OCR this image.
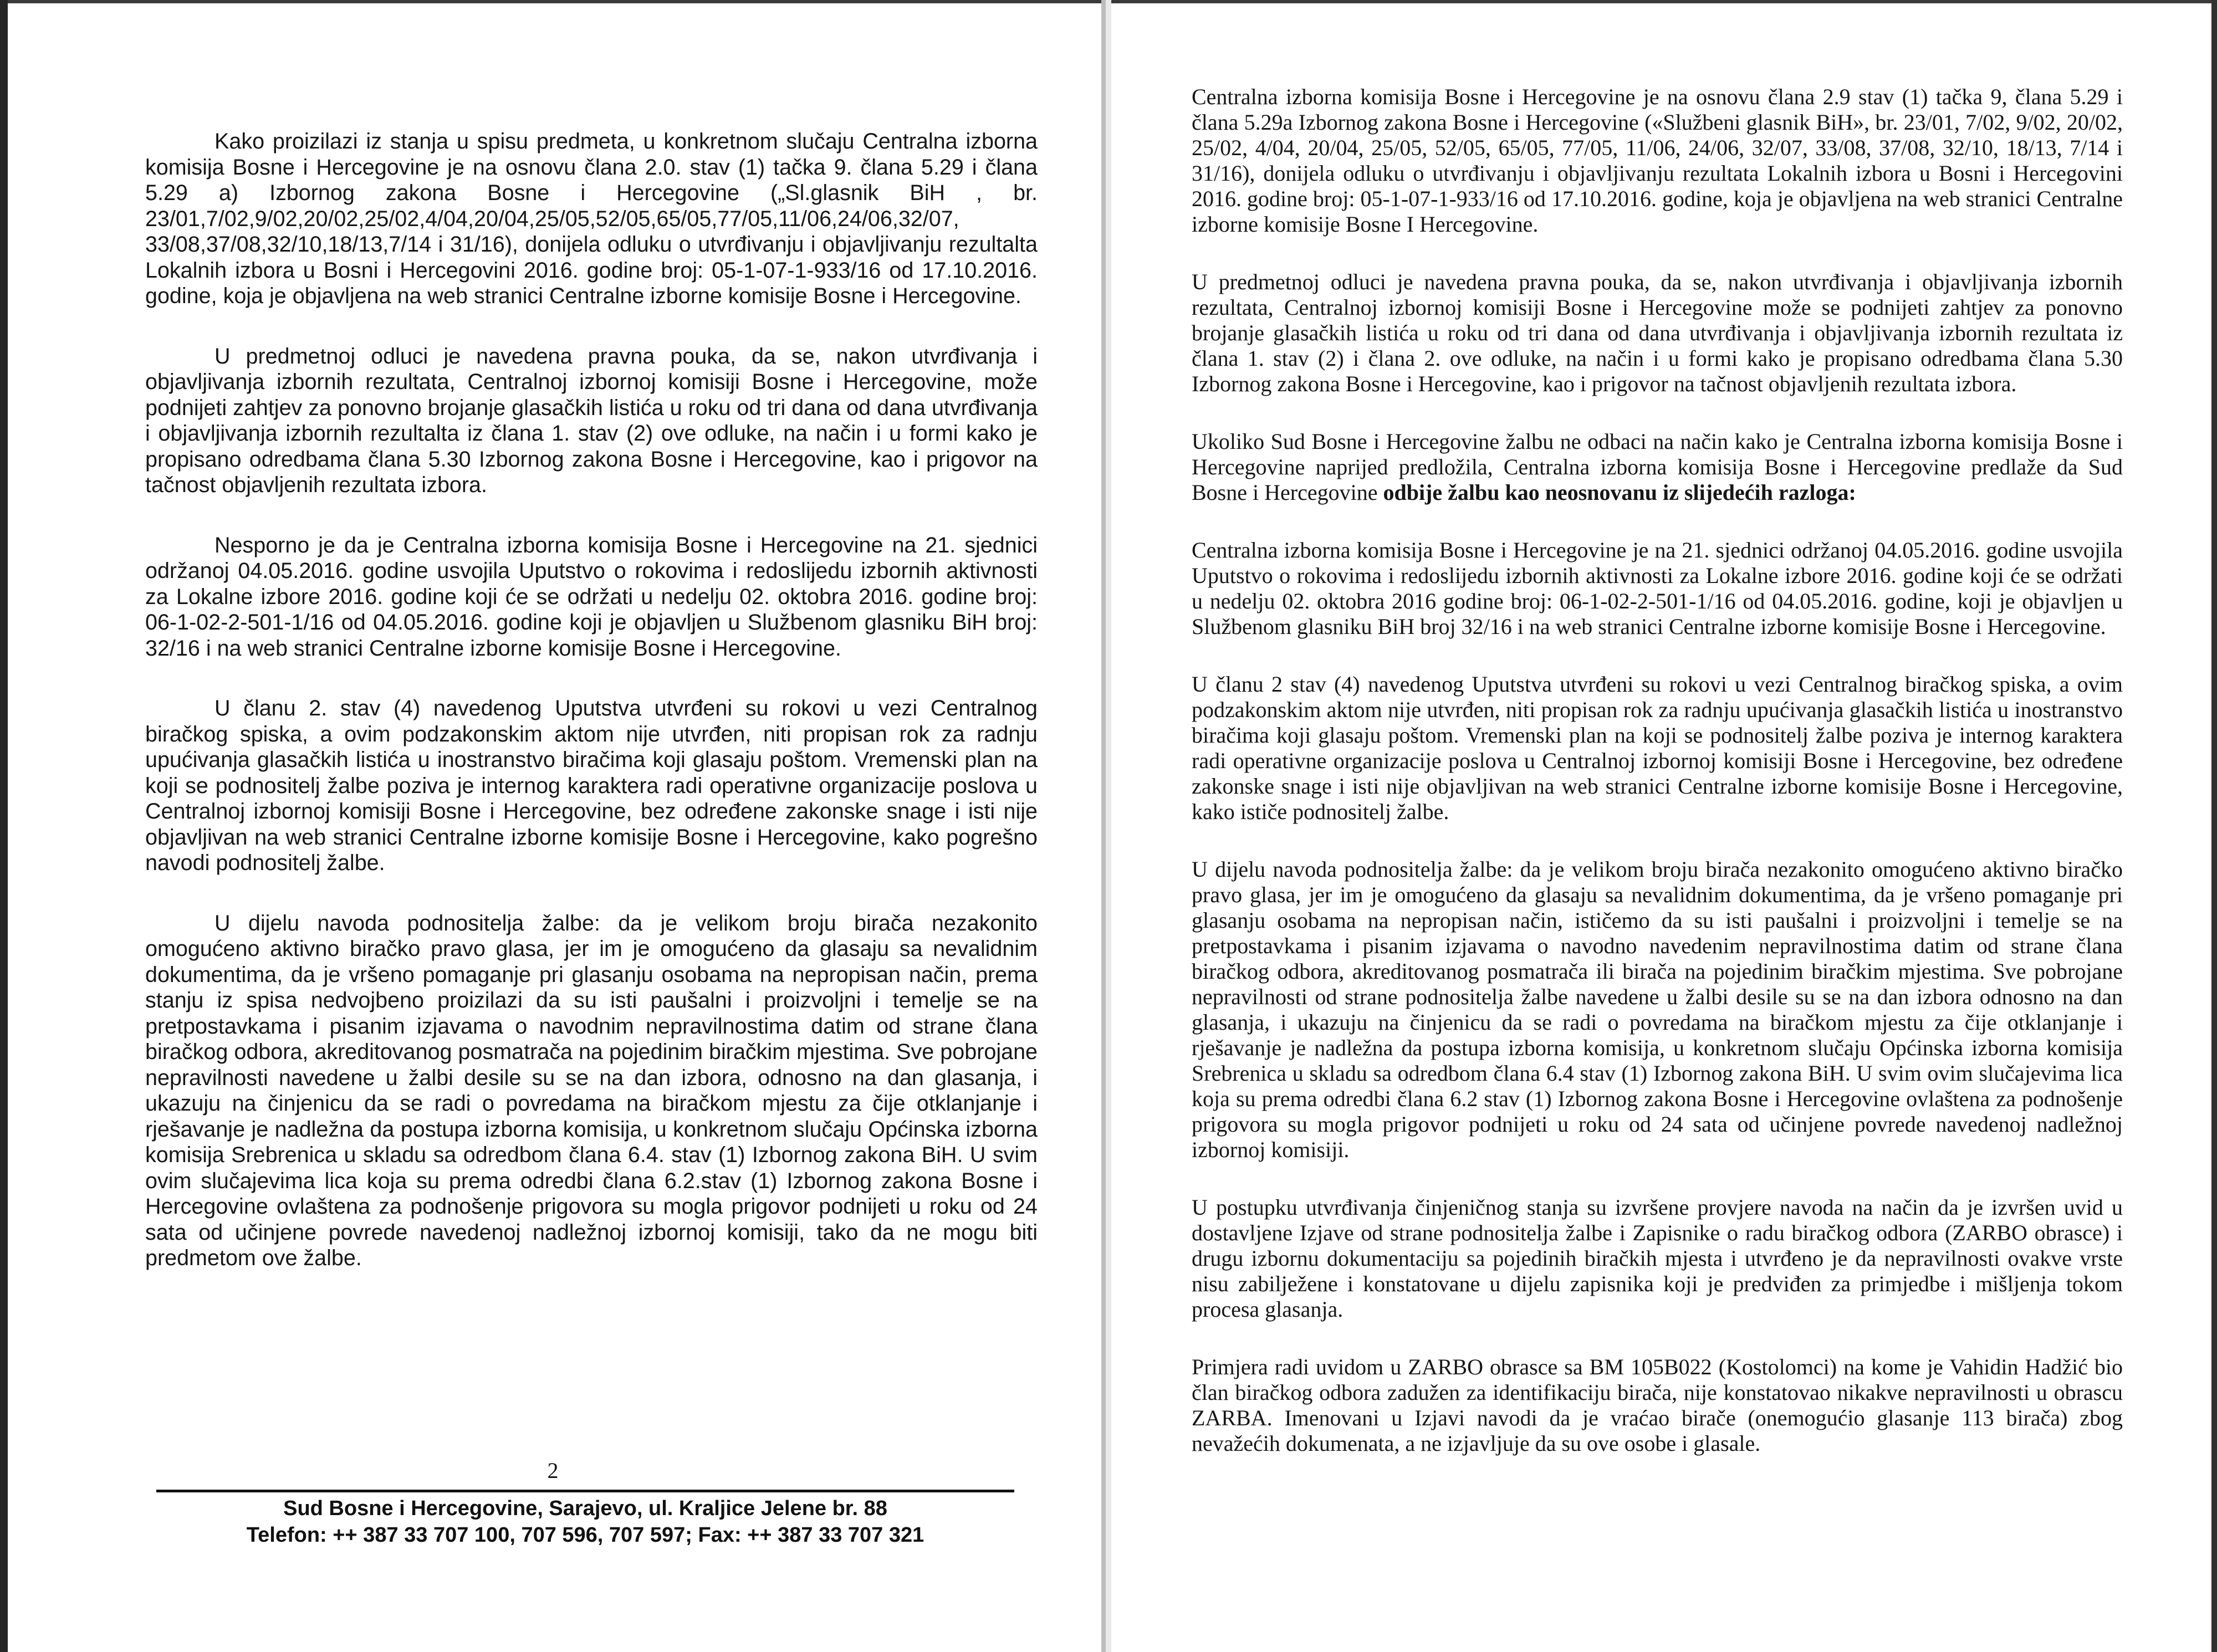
Kako proizilazi iz stanja u spisu predmeta, u konkretnom slučaju Centralna izborna komisija Bosne i Hercegovine je na osnovu člana 2.0. stav (1) tačka 9. člana 5.29 i člana 5.29 a) Izbornog zakona Bosne i Hercegovine („Sl.glasnik BiH , br. 23/01,7/02,9/02,20/02,25/02,4/04,20/04,25/05,52/05,65/05,77/05,11/06,24/06,32/07, 33/08,37/08,32/10,18/13,7/14 i 31/16), donijela odluku o utvrđivanju i objavljivanju rezultalta Lokalnih izbora u Bosni i Hercegovini 2016. godine broj: 05-1-07-1-933/16 od 17.10.2016. godine, koja je objavljena na web stranici Centralne izborne komisije Bosne i Hercegovine.

U predmetnoj odluci je navedena pravna pouka, da se, nakon utvrđivanja i objavljivanja izbornih rezultata, Centralnoj izbornoj komisiji Bosne i Hercegovine, može podnijeti zahtjev za ponovno brojanje glasačkih listića u roku od tri dana od dana utvrđivanja i objavljivanja izbornih rezultalta iz člana 1. stav (2) ove odluke, na način i u formi kako je propisano odredbama člana 5.30 Izbornog zakona Bosne i Hercegovine, kao i prigovor na tačnost objavljenih rezultata izbora.

Nesporno je da je Centralna izborna komisija Bosne i Hercegovine na 21. sjednici održanoj 04.05.2016. godine usvojila Uputstvo o rokovima i redoslijedu izbornih aktivnosti za Lokalne izbore 2016. godine koji će se održati u nedelju 02. oktobra 2016. godine broj: 06-1-02-2-501-1/16 od 04.05.2016. godine koji je objavljen u Službenom glasniku BiH broj: 32/16 i na web stranici Centralne izborne komisije Bosne i Hercegovine.

U članu 2. stav (4) navedenog Uputstva utvrđeni su rokovi u vezi Centralnog biračkog spiska, a ovim podzakonskim aktom nije utvrđen, niti propisan rok za radnju upućivanja glasačkih listića u inostranstvo biračima koji glasaju poštom. Vremenski plan na koji se podnositelj žalbe poziva je internog karaktera radi operativne organizacije poslova u Centralnoj izbornoj komisiji Bosne i Hercegovine, bez određene zakonske snage i isti nije objavljivan na web stranici Centralne izborne komisije Bosne i Hercegovine, kako pogrešno navodi podnositelj žalbe.

U dijelu navoda podnositelja žalbe: da je velikom broju birača nezakonito omogućeno aktivno biračko pravo glasa, jer im je omogućeno da glasaju sa nevalidnim dokumentima, da je vršeno pomaganje pri glasanju osobama na nepropisan način, prema stanju iz spisa nedvojbeno proizilazi da su isti paušalni i proizvoljni i temelje se na pretpostavkama i pisanim izjavama o navodnim nepravilnostima datim od strane člana biračkog odbora, akreditovanog posmatrača na pojedinim biračkim mjestima. Sve pobrojane nepravilnosti navedene u žalbi desile su se na dan izbora, odnosno na dan glasanja, i ukazuju na činjenicu da se radi o povredama na biračkom mjestu za čije otklanjanje i rješavanje je nadležna da postupa izborna komisija, u konkretnom slučaju Općinska izborna komisija Srebrenica u skladu sa odredbom člana 6.4. stav (1) Izbornog zakona BiH. U svim ovim slučajevima lica koja su prema odredbi člana 6.2.stav (1) Izbornog zakona Bosne i Hercegovine ovlaštena za podnošenje prigovora su mogla prigovor podnijeti u roku od 24 sata od učinjene povrede navedenoj nadležnoj izbornoj komisiji, tako da ne mogu biti predmetom ove žalbe.

2
Sud Bosne i Hercegovine, Sarajevo, ul. Kraljice Jelene br. 88
Telefon: ++ 387 33 707 100, 707 596, 707 597; Fax: ++ 387 33 707 321

Centralna izborna komisija Bosne i Hercegovine je na osnovu člana 2.9 stav (1) tačka 9, člana 5.29 i člana 5.29a Izbornog zakona Bosne i Hercegovine («Službeni glasnik BiH», br. 23/01, 7/02, 9/02, 20/02, 25/02, 4/04, 20/04, 25/05, 52/05, 65/05, 77/05, 11/06, 24/06, 32/07, 33/08, 37/08, 32/10, 18/13, 7/14 i 31/16), donijela odluku o utvrđivanju i objavljivanju rezultata Lokalnih izbora u Bosni i Hercegovini 2016. godine broj: 05-1-07-1-933/16 od 17.10.2016. godine, koja je objavljena na web stranici Centralne izborne komisije Bosne I Hercegovine.

U predmetnoj odluci je navedena pravna pouka, da se, nakon utvrđivanja i objavljivanja izbornih rezultata, Centralnoj izbornoj komisiji Bosne i Hercegovine može se podnijeti zahtjev za ponovno brojanje glasačkih listića u roku od tri dana od dana utvrđivanja i objavljivanja izbornih rezultata iz člana 1. stav (2) i člana 2. ove odluke, na način i u formi kako je propisano odredbama člana 5.30 Izbornog zakona Bosne i Hercegovine, kao i prigovor na tačnost objavljenih rezultata izbora.

Ukoliko Sud Bosne i Hercegovine žalbu ne odbaci na način kako je Centralna izborna komisija Bosne i Hercegovine naprijed predložila, Centralna izborna komisija Bosne i Hercegovine predlaže da Sud Bosne i Hercegovine odbije žalbu kao neosnovanu iz slijedećih razloga:

Centralna izborna komisija Bosne i Hercegovine je na 21. sjednici održanoj 04.05.2016. godine usvojila Uputstvo o rokovima i redoslijedu izbornih aktivnosti za Lokalne izbore 2016. godine koji će se održati u nedelju 02. oktobra 2016 godine broj: 06-1-02-2-501-1/16 od 04.05.2016. godine, koji je objavljen u Službenom glasniku BiH broj 32/16 i na web stranici Centralne izborne komisije Bosne i Hercegovine.

U članu 2 stav (4) navedenog Uputstva utvrđeni su rokovi u vezi Centralnog biračkog spiska, a ovim podzakonskim aktom nije utvrđen, niti propisan rok za radnju upućivanja glasačkih listića u inostranstvo biračima koji glasaju poštom. Vremenski plan na koji se podnositelj žalbe poziva je internog karaktera radi operativne organizacije poslova u Centralnoj izbornoj komisiji Bosne i Hercegovine, bez određene zakonske snage i isti nije objavljivan na web stranici Centralne izborne komisije Bosne i Hercegovine, kako ističe podnositelj žalbe.

U dijelu navoda podnositelja žalbe: da je velikom broju birača nezakonito omogućeno aktivno biračko pravo glasa, jer im je omogućeno da glasaju sa nevalidnim dokumentima, da je vršeno pomaganje pri glasanju osobama na nepropisan način, ističemo da su isti paušalni i proizvoljni i temelje se na pretpostavkama i pisanim izjavama o navodno navedenim nepravilnostima datim od strane člana biračkog odbora, akreditovanog posmatrača ili birača na pojedinim biračkim mjestima. Sve pobrojane nepravilnosti od strane podnositelja žalbe navedene u žalbi desile su se na dan izbora odnosno na dan glasanja, i ukazuju na činjenicu da se radi o povredama na biračkom mjestu za čije otklanjanje i rješavanje je nadležna da postupa izborna komisija, u konkretnom slučaju Općinska izborna komisija Srebrenica u skladu sa odredbom člana 6.4 stav (1) Izbornog zakona BiH. U svim ovim slučajevima lica koja su prema odredbi člana 6.2 stav (1) Izbornog zakona Bosne i Hercegovine ovlaštena za podnošenje prigovora su mogla prigovor podnijeti u roku od 24 sata od učinjene povrede navedenoj nadležnoj izbornoj komisiji.

U postupku utvrđivanja činjeničnog stanja su izvršene provjere navoda na način da je izvršen uvid u dostavljene Izjave od strane podnositelja žalbe i Zapisnike o radu biračkog odbora (ZARBO obrasce) i drugu izbornu dokumentaciju sa pojedinih biračkih mjesta i utvrđeno je da nepravilnosti ovakve vrste nisu zabilježene i konstatovane u dijelu zapisnika koji je predviđen za primjedbe i mišljenja tokom procesa glasanja.

Primjera radi uvidom u ZARBO obrasce sa BM 105B022 (Kostolomci) na kome je Vahidin Hadžić bio član biračkog odbora zadužen za identifikaciju birača, nije konstatovao nikakve nepravilnosti u obrascu ZARBA. Imenovani u Izjavi navodi da je vraćao birače (onemogućio glasanje 113 birača) zbog nevažećih dokumenata, a ne izjavljuje da su ove osobe i glasale.
